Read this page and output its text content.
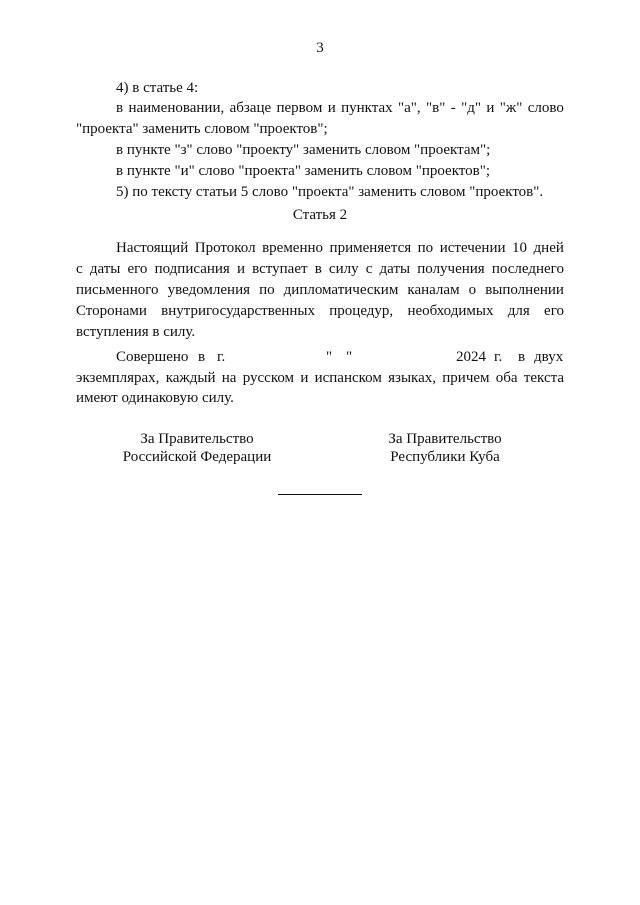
3
4) в статье 4:
в наименовании, абзаце первом и пунктах "а", "в" - "д" и "ж" слово
"проекта" заменить словом "проектов";
в пункте "з" слово "проекту" заменить словом "проектам";
в пункте "и" слово "проекта" заменить словом "проектов";
5) по тексту статьи 5 слово "проекта" заменить словом "проектов".
Статья 2
Настоящий Протокол временно применяется по истечении 10 дней
с даты его подписания и вступает в силу с даты получения последнего
письменного уведомления по дипломатическим каналам о выполнении
Сторонами внутригосударственных процедур, необходимых для его
вступления в силу.
Совершено в г.	" "	2024 г. в двух
экземплярах, каждый на русском и испанском языках, причем оба текста
имеют одинаковую силу.
За Правительство
Российской Федерации
За Правительство
Республики Куба
